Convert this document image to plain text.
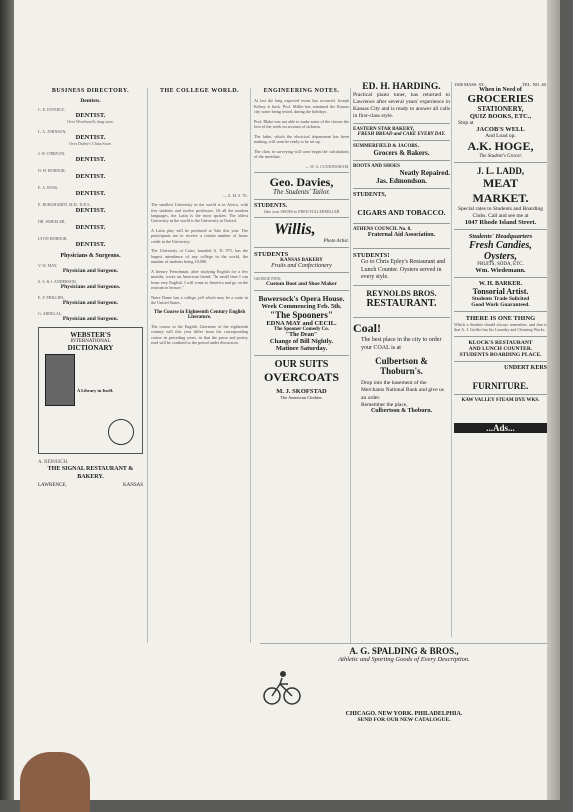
BUSINESS DIRECTORY.
Dentists.
C. E. ESTERLY,
DENTIST.
Over Woodward's drug store.
L. A. JOHNSON,
DENTIST.
Over Dailey's China Store.
J. W. O'BRYON,
DENTIST.
D. H. HORNOR,
DENTIST.
E. A. ROSS,
DENTIST.
E. BURGHARDT, M.D., D.D.S.,
DENTIST.
DR. WHEELER,
DENTIST.
LYON HORNOR,
DENTIST.
Physicians & Surgeons.
V. W. MAY,
Physician and Surgeon.
S. S. & J. ANDERSON,
Physicians and Surgeons.
E. F. PHILLIPS,
Physician and Surgeon.
G. ABDELAL,
Physician and Surgeon.
WEBSTER'S
INTERNATIONAL
DICTIONARY
A Library in Itself.
A. REINISCH.
THE SIGNAL RESTAURANT & BAKERY.
LAWRENCE,	KANSAS
THE COLLEGE WORLD.
— A. M. S. '91.

The smallest University in the world is in Africa, with five students and twelve professors. Of all the modern languages, the Latin is the most spoken. The oldest University in the world is the University at Oxford.

A Latin play will be produced at Yale this year. The participants are to receive a certain number of hours credit in the University.

The University of Cairo, founded A. D. 975, has the largest attendance of any college in the world, the number of students being 10,000.

A literary Frenchman, after studying English for a few months, wrote an American friend: "In small time I can learn very English. I will come to America and go on the rostrum to lecture."

Notre Dame has a college yell which may be a curio in the United States.

The Course in Eighteenth Century English Literature.

The course in the English Literature of the eighteenth century will this year differ from the corresponding course in preceding years, in that the prose and poetry read will be confined to the period under discussion.

ENGINEERING NOTES.

At last the long expected event has occurred. Joseph Kelsey is back. Prof. Miller has remained the Kansas city water being tested, during the holidays.

Prof. Blake was not able to make some of the classes the first of the week on account of sickness.

The lathe, which the electrical department has been making, will soon be ready to be set up.

The class in surveying will soon begin the calculations of the meridian.

— W. A. CUNNINGHAM.
Geo. Davies,
The Students' Tailor.
STUDENTS.
Take your SHOES to FRED FULLERMILLER
Willis,
Photo Artist.
STUDENTS
KANSAS BAKERY
Fruits and Confectionery
GEORGE PINN,
Custom Boot and Shoe Maker
Bowersock's Opera House.
Week Commencing Feb. 5th.
"The Spooners"
EDNA MAY and CECIL.
The Spooner Comedy Co.
"The Dean"
Change of Bill Nightly.
Matinee Saturday.
OUR SUITS
OVERCOATS
M. J. SKOFSTAD
The American Clothier.
ED. H. HARDING.
Practical piano tuner, has returned to Lawrence after several years' experience in Kansas City and is ready to answer all calls in first-class style.
EASTERN STAR BAKERY,
FRESH BREAD and CAKE EVERY DAY.
SUMMERFIELD & JACOBS,
Grocers & Bakers.
BOOTS AND SHOES
Neatly Repaired.
Jas. Edmondson.
STUDENTS,
CIGARS AND TOBACCO.
ATHENS COUNCIL No. 8.
Fraternal Aid Association.
STUDENTS!
Go to Chris Epley's Restaurant and Lunch Counter. Oysters served in every style.
REYNOLDS BROS.
RESTAURANT.
Coal!
The best place in the city to order your COAL is at
Culbertson & Thoburn's.
Drop into the basement of the Merchants National Bank and give us an order.
Remember the place,
Culbertson & Thoburn.
1300 MASS. ST.	TEL. NO. 40.
When in Need of
GROCERIES
STATIONERY,
QUIZ BOOKS, ETC.,
Stop at
JACOB'S WELL
And Load up.
A.K. HOGE,
The Student's Grocer.
J. L. LADD,
MEAT MARKET.
Special rates to Students and Boarding Clubs. Call and see me at
1047 Rhode Island Street.
Students' Headquarters
Fresh Candies,
Oysters,
FRUITS, SODA, ETC.
Wm. Wiedemann.
W. H. BARKER.
Tonsorial Artist.
Students Trade Solicited
Good Work Guaranteed.
THERE IS ONE THING
Which a Student should always remember, and that is that A. J. Griffin has his Laundry and Cleaning Works.
KLOCK'S RESTAURANT
AND LUNCH COUNTER.
STUDENTS BOARDING PLACE.
UNDERT KERS
FURNITURE.
KAW VALLEY STEAM DYE WKS.
...Ads...
A. G. SPALDING & BROS.,
Athletic and Sporting Goods of Every Description.
CHICAGO. NEW YORK. PHILADELPHIA.
SEND FOR OUR NEW CATALOGUE.
